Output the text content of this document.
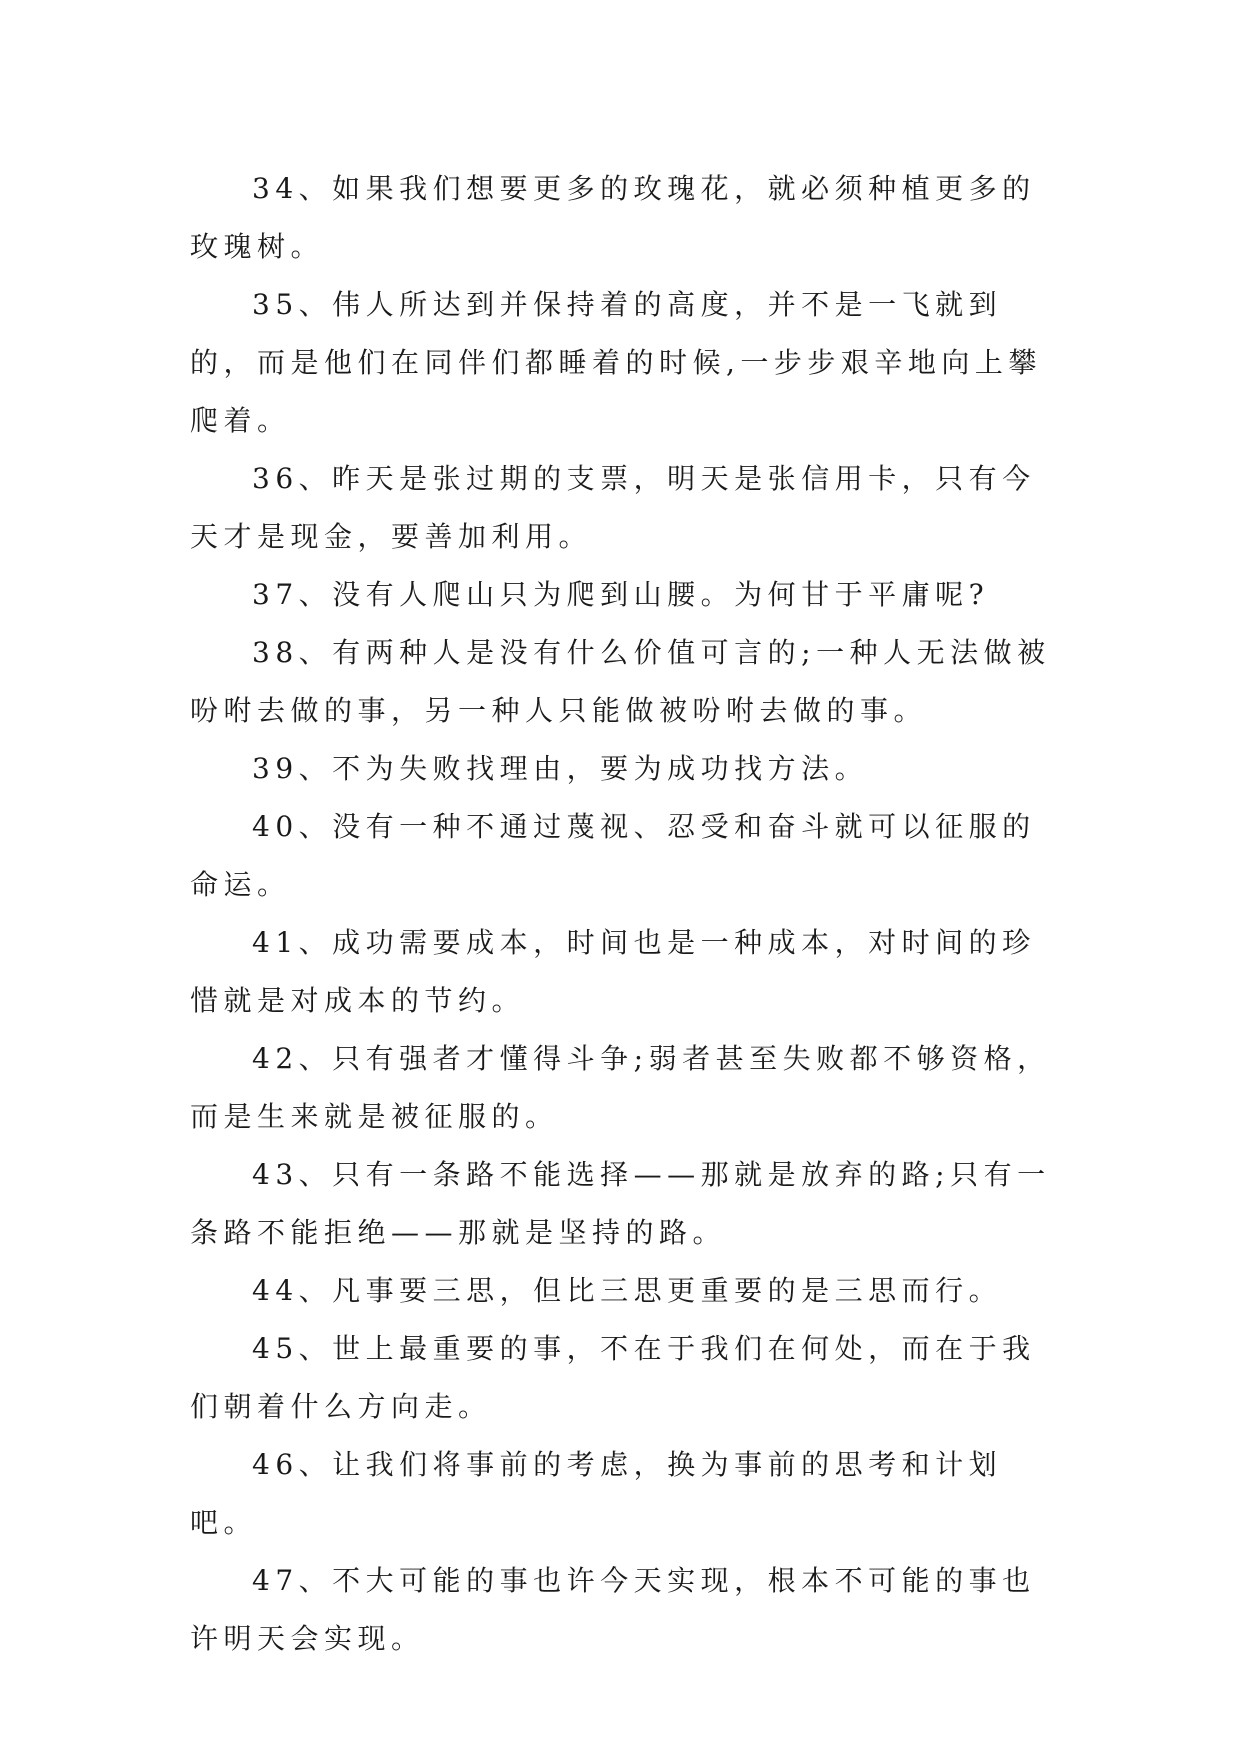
34、如果我们想要更多的玫瑰花，就必须种植更多的玫瑰树。

35、伟人所达到并保持着的高度，并不是一飞就到的，而是他们在同伴们都睡着的时候,一步步艰辛地向上攀爬着。

36、昨天是张过期的支票，明天是张信用卡，只有今天才是现金，要善加利用。

37、没有人爬山只为爬到山腰。为何甘于平庸呢?

38、有两种人是没有什么价值可言的;一种人无法做被吩咐去做的事，另一种人只能做被吩咐去做的事。

39、不为失败找理由，要为成功找方法。

40、没有一种不通过蔑视、忍受和奋斗就可以征服的命运。

41、成功需要成本，时间也是一种成本，对时间的珍惜就是对成本的节约。

42、只有强者才懂得斗争;弱者甚至失败都不够资格，而是生来就是被征服的。

43、只有一条路不能选择——那就是放弃的路;只有一条路不能拒绝——那就是坚持的路。

44、凡事要三思，但比三思更重要的是三思而行。

45、世上最重要的事，不在于我们在何处，而在于我们朝着什么方向走。

46、让我们将事前的考虑，换为事前的思考和计划吧。

47、不大可能的事也许今天实现，根本不可能的事也许明天会实现。
